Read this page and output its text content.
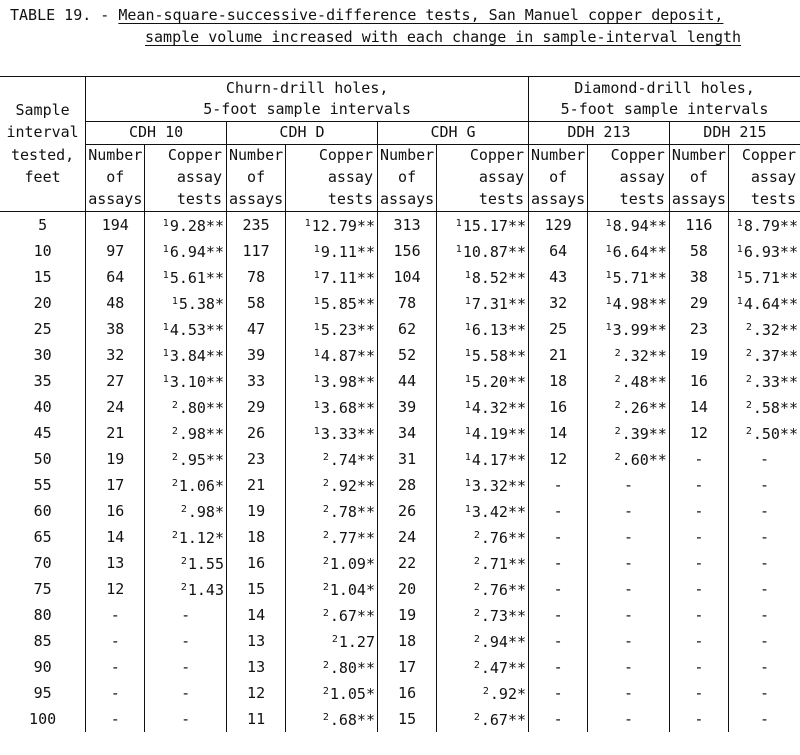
TABLE 19. - Mean-square-successive-difference tests, San Manuel copper deposit,
sample volume increased with each change in sample-interval length

	Churn-drill holes,
5-foot sample intervals						Diamond-drill holes,
5-foot sample intervals			

Sample										
interval	CDH 10		CDH D		CDH G		DDH 213		DDH 215	
tested,	Number	Copper	Number	Copper	Number	Copper	Number	Copper	Number	Copper
feet	of	assay	of	assay	of	assay	of	assay	of	assay
	assays	tests	assays	tests	assays	tests	assays	tests	assays	tests
5	194	$^1$9.28**	235	$^1$12.79**	313	$^1$15.17**	129	$^1$8.94**	116	$^1$8.79**
10	97	$^1$6.94**	117	$^1$9.11**	156	$^1$10.87**	64	$^1$6.64**	58	$^1$6.93**
15	64	$^1$5.61**	78	$^1$7.11**	104	$^1$8.52**	43	$^1$5.71**	38	$^1$5.71**
20	48	$^1$5.38*	58	$^1$5.85**	78	$^1$7.31**	32	$^1$4.98**	29	$^1$4.64**
25	38	$^1$4.53**	47	$^1$5.23**	62	$^1$6.13**	25	$^1$3.99**	23	$^2$.32**
30	32	$^1$3.84**	39	$^1$4.87**	52	$^1$5.58**	21	$^2$.32**	19	$^2$.37**
35	27	$^1$3.10**	33	$^1$3.98**	44	$^1$5.20**	18	$^2$.48**	16	$^2$.33**
40	24	$^2$.80**	29	$^1$3.68**	39	$^1$4.32**	16	$^2$.26**	14	$^2$.58**
45	21	$^2$.98**	26	$^1$3.33**	34	$^1$4.19**	14	$^2$.39**	12	$^2$.50**
50	19	$^2$.95**	23	$^2$.74**	31	$^1$4.17**	12	$^2$.60**	-	-
55	17	$^2$1.06*	21	$^2$.92**	28	$^1$3.32**	-	-	-	-
60	16	$^2$.98*	19	$^2$.78**	26	$^1$3.42**	-	-	-	-
65	14	$^2$1.12*	18	$^2$.77**	24	$^2$.76**	-	-	-	-
70	13	$^2$1.55	16	$^2$1.09*	22	$^2$.71**	-	-	-	-
75	12	$^2$1.43	15	$^2$1.04*	20	$^2$.76**	-	-	-	-
80	-	-	14	$^2$.67**	19	$^2$.73**	-	-	-	-
85	-	-	13	$^2$1.27	18	$^2$.94**	-	-	-	-
90	-	-	13	$^2$.80**	17	$^2$.47**	-	-	-	-
95	-	-	12	$^2$1.05*	16	$^2$.92*	-	-	-	-
100	-	-	11	$^2$.68**	15	$^2$.67**	-	-	-	-
